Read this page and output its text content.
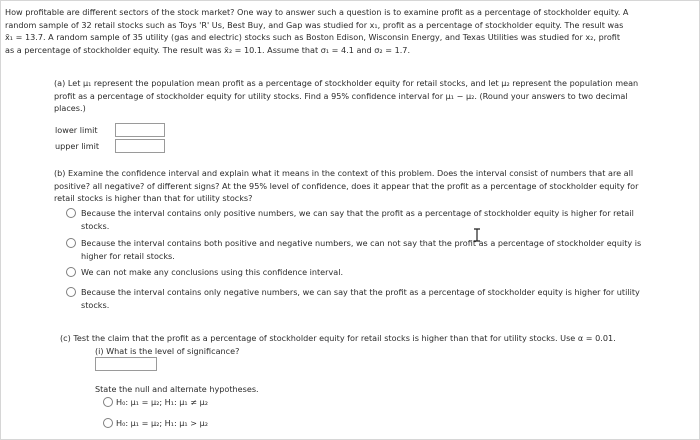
How profitable are different sectors of the stock market? One way to answer such a question is to examine profit as a percentage of stockholder equity. A
random sample of 32 retail stocks such as Toys 'R' Us, Best Buy, and Gap was studied for x₁, profit as a percentage of stockholder equity. The result was
x̄₁ = 13.7. A random sample of 35 utility (gas and electric) stocks such as Boston Edison, Wisconsin Energy, and Texas Utilities was studied for x₂, profit
as a percentage of stockholder equity. The result was x̄₂ = 10.1. Assume that σ₁ = 4.1 and σ₂ = 1.7.
(a) Let μ₁ represent the population mean profit as a percentage of stockholder equity for retail stocks, and let μ₂ represent the population mean
profit as a percentage of stockholder equity for utility stocks. Find a 95% confidence interval for μ₁ − μ₂. (Round your answers to two decimal
places.)
lower limit
upper limit
(b) Examine the confidence interval and explain what it means in the context of this problem. Does the interval consist of numbers that are all
positive? all negative? of different signs? At the 95% level of confidence, does it appear that the profit as a percentage of stockholder equity for
retail stocks is higher than that for utility stocks?
Because the interval contains only positive numbers, we can say that the profit as a percentage of stockholder equity is higher for retail
stocks.
Because the interval contains both positive and negative numbers, we can not say that the profit as a percentage of stockholder equity is
higher for retail stocks.
We can not make any conclusions using this confidence interval.
Because the interval contains only negative numbers, we can say that the profit as a percentage of stockholder equity is higher for utility
stocks.
(c) Test the claim that the profit as a percentage of stockholder equity for retail stocks is higher than that for utility stocks. Use α = 0.01.
(i) What is the level of significance?
State the null and alternate hypotheses.
H₀: μ₁ = μ₂; H₁: μ₁ ≠ μ₂
H₀: μ₁ = μ₂; H₁: μ₁ > μ₂
